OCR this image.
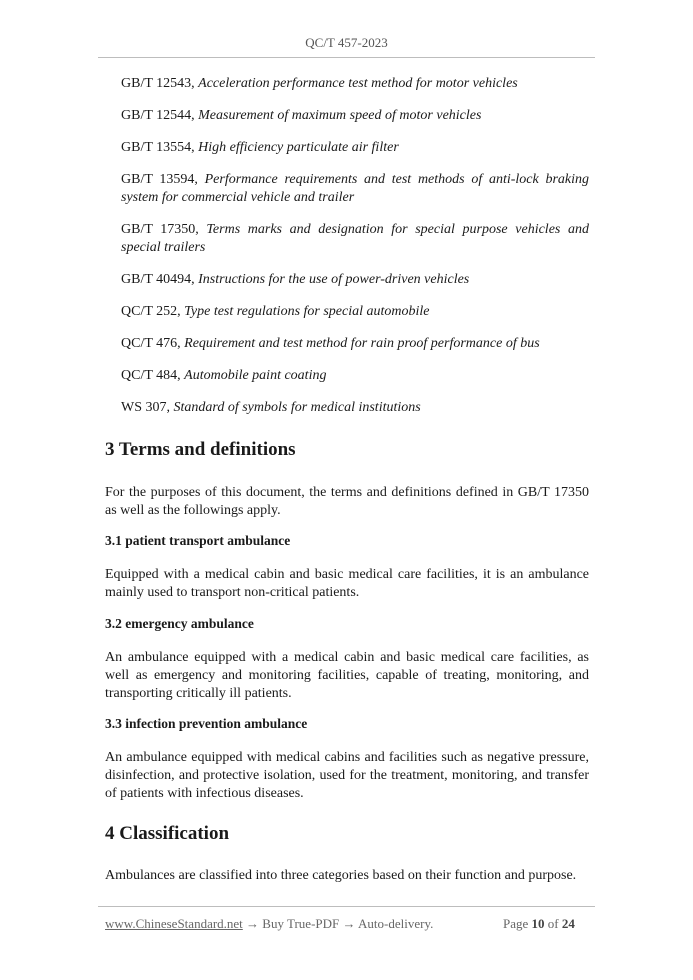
QC/T 457-2023
GB/T 12543, Acceleration performance test method for motor vehicles
GB/T 12544, Measurement of maximum speed of motor vehicles
GB/T 13554, High efficiency particulate air filter
GB/T 13594, Performance requirements and test methods of anti-lock braking system for commercial vehicle and trailer
GB/T 17350, Terms marks and designation for special purpose vehicles and special trailers
GB/T 40494, Instructions for the use of power-driven vehicles
QC/T 252, Type test regulations for special automobile
QC/T 476, Requirement and test method for rain proof performance of bus
QC/T 484, Automobile paint coating
WS 307, Standard of symbols for medical institutions
3 Terms and definitions
For the purposes of this document, the terms and definitions defined in GB/T 17350 as well as the followings apply.
3.1 patient transport ambulance
Equipped with a medical cabin and basic medical care facilities, it is an ambulance mainly used to transport non-critical patients.
3.2 emergency ambulance
An ambulance equipped with a medical cabin and basic medical care facilities, as well as emergency and monitoring facilities, capable of treating, monitoring, and transporting critically ill patients.
3.3 infection prevention ambulance
An ambulance equipped with medical cabins and facilities such as negative pressure, disinfection, and protective isolation, used for the treatment, monitoring, and transfer of patients with infectious diseases.
4 Classification
Ambulances are classified into three categories based on their function and purpose.
www.ChineseStandard.net → Buy True-PDF → Auto-delivery.	Page 10 of 24
